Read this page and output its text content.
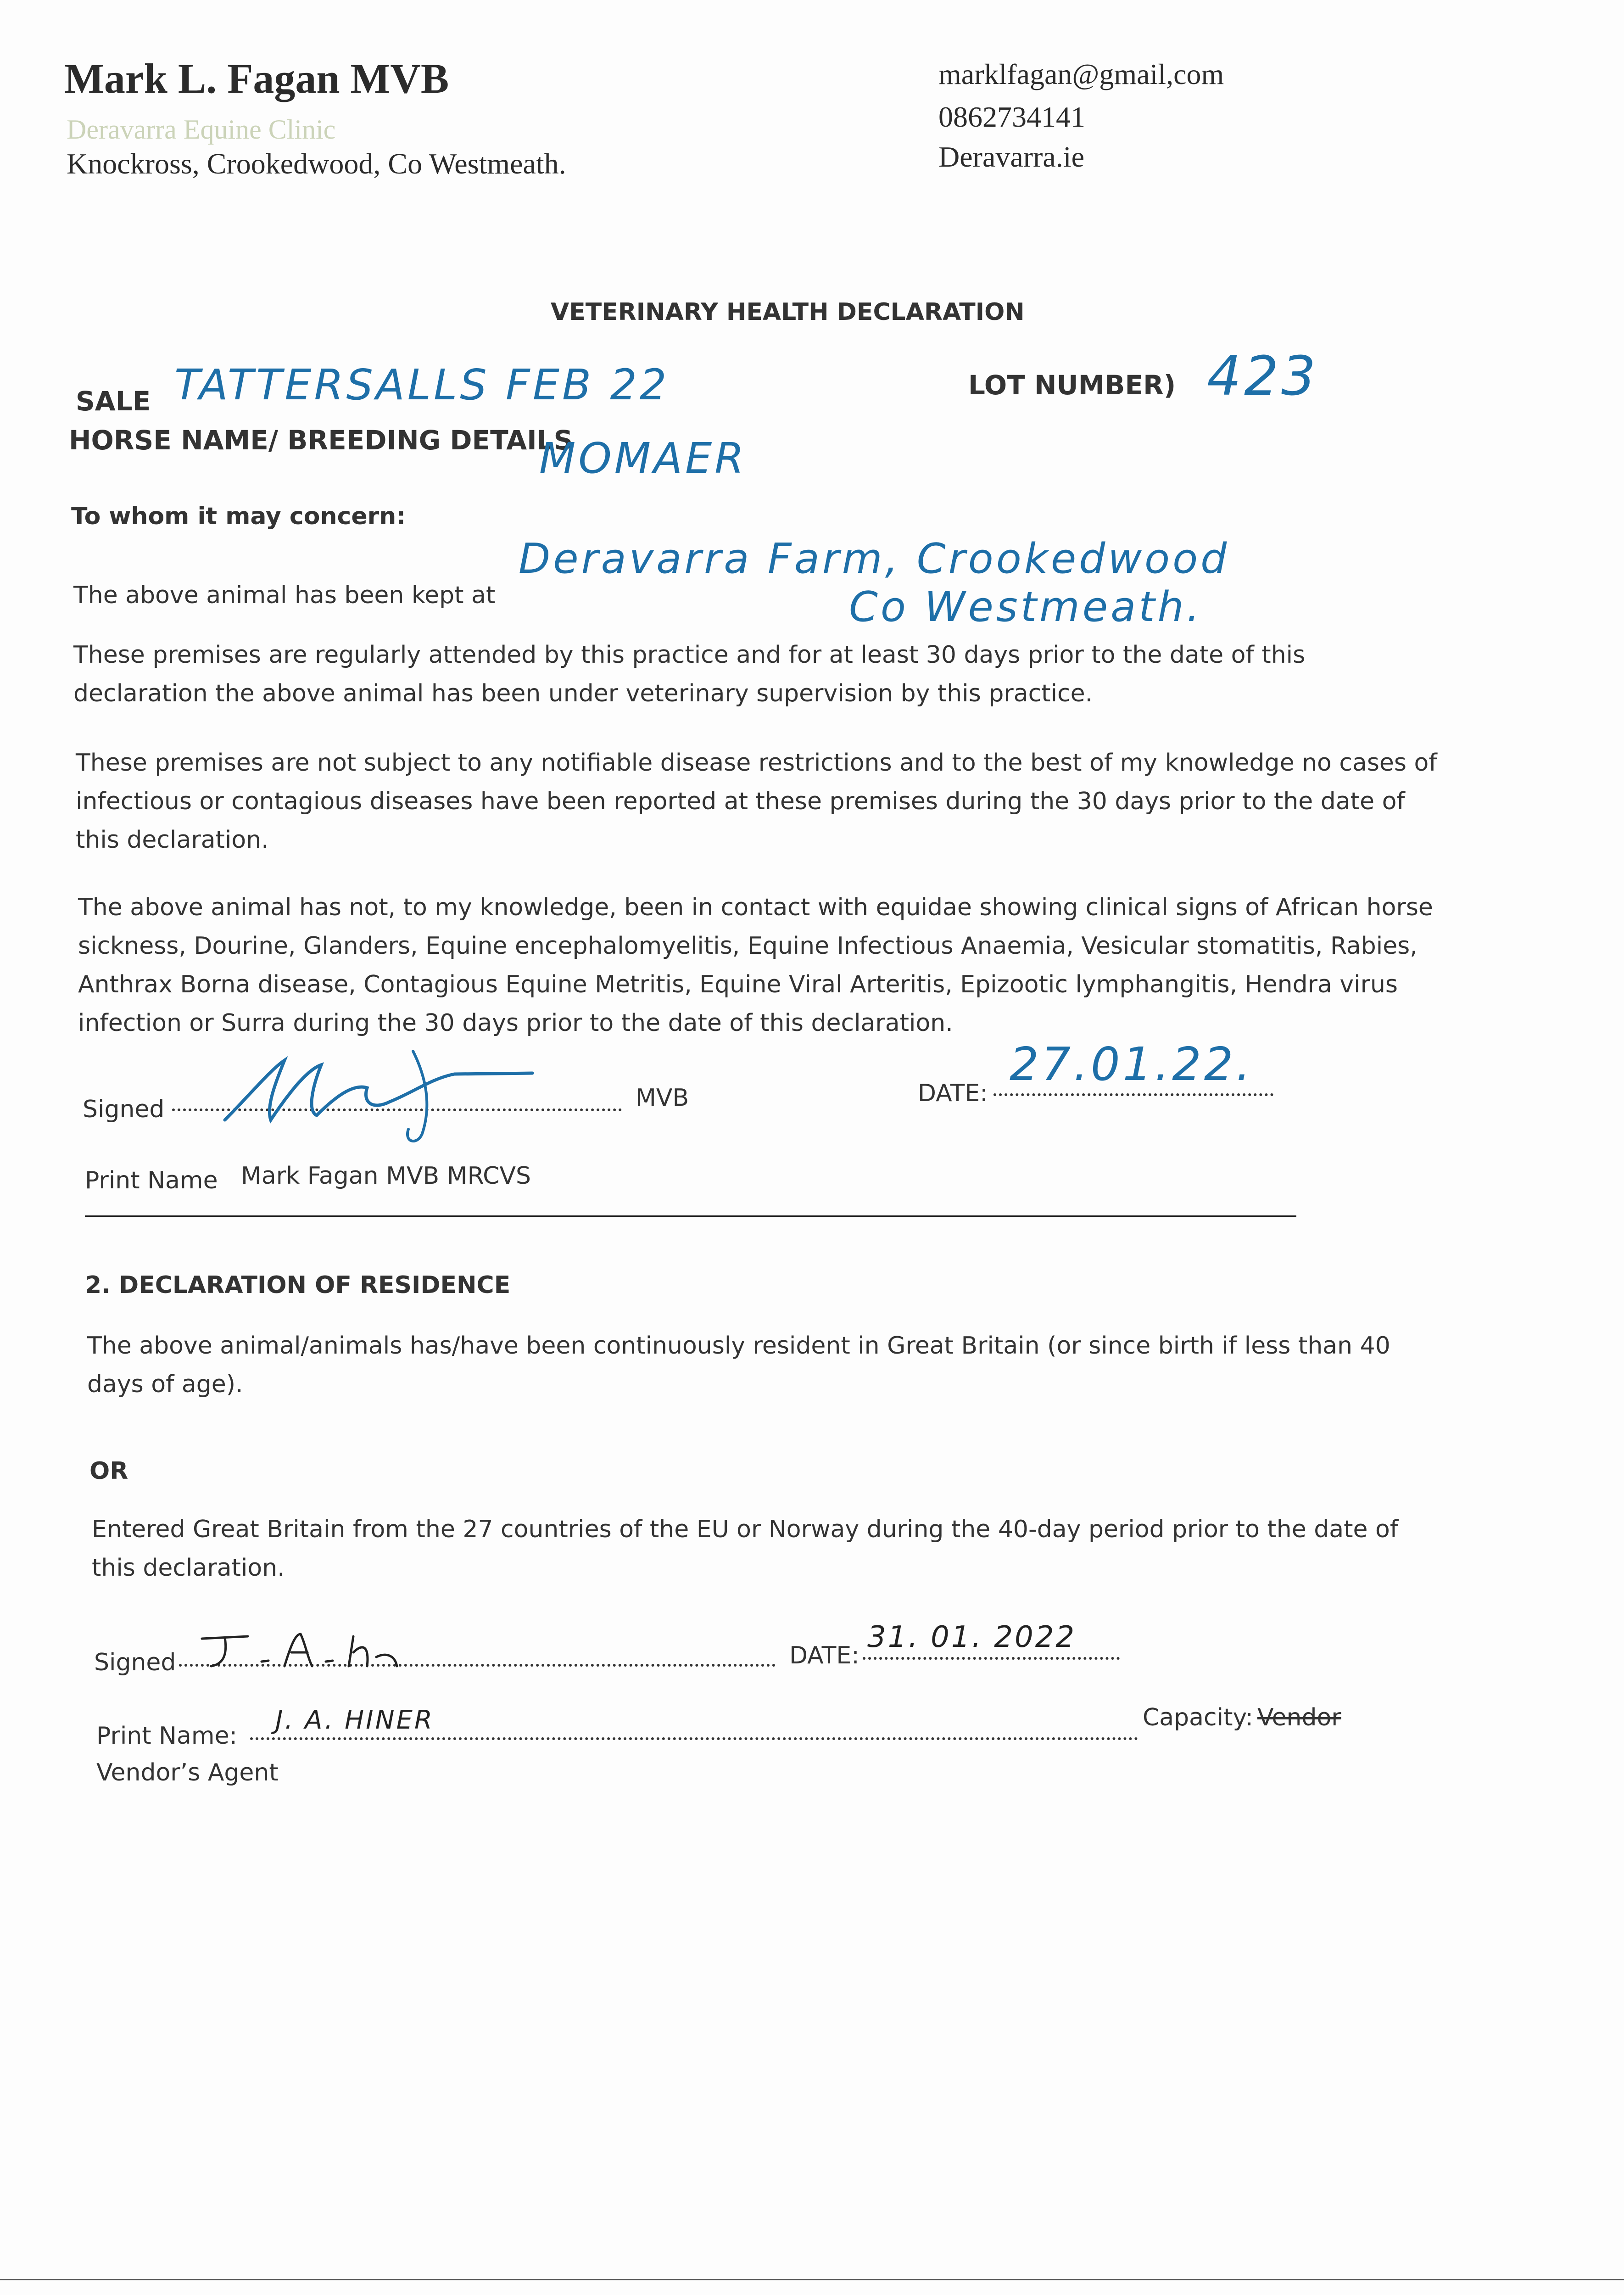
Mark L. Fagan MVB
Deravarra Equine Clinic
Knockross, Crookedwood, Co Westmeath.
marklfagan@gmail,com
0862734141
Deravarra.ie
VETERINARY HEALTH DECLARATION
SALE TATTERSALLS FEB 22	LOT NUMBER) 423
HORSE NAME/ BREEDING DETAILS
MOMAER
To whom it may concern:
The above animal has been kept at
Deravarra Farm, Crookedwood
Co Westmeath.
These premises are regularly attended by this practice and for at least 30 days prior to the date of this declaration the above animal has been under veterinary supervision by this practice.
These premises are not subject to any notifiable disease restrictions and to the best of my knowledge no cases of infectious or contagious diseases have been reported at these premises during the 30 days prior to the date of this declaration.
The above animal has not, to my knowledge, been in contact with equidae showing clinical signs of African horse sickness, Dourine, Glanders, Equine encephalomyelitis, Equine Infectious Anaemia, Vesicular stomatitis, Rabies, Anthrax Borna disease, Contagious Equine Metritis, Equine Viral Arteritis, Epizootic lymphangitis, Hendra virus infection or Surra during the 30 days prior to the date of this declaration.
Signed	MVB	DATE:
27.01.22.
Print Name Mark Fagan MVB MRCVS
2. DECLARATION OF RESIDENCE
The above animal/animals has/have been continuously resident in Great Britain (or since birth if less than 40 days of age).
OR
Entered Great Britain from the 27 countries of the EU or Norway during the 40-day period prior to the date of this declaration.
Signed	DATE:
31. 01. 2022
Print Name:
J. A. HINER	Capacity: Vendor
Vendor’s Agent
